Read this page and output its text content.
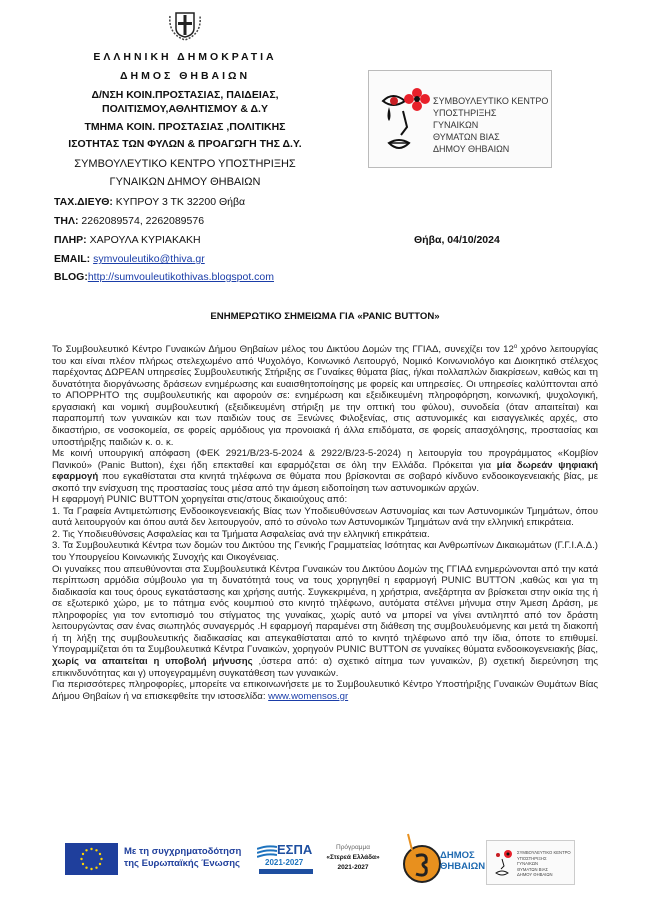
ΕΛΛΗΝΙΚΗ ΔΗΜΟΚΡΑΤΙΑ
ΔΗΜΟΣ ΘΗΒΑΙΩΝ
Δ/ΝΣΗ ΚΟΙΝ.ΠΡΟΣΤΑΣΙΑΣ, ΠΑΙΔΕΙΑΣ,
ΠΟΛΙΤΙΣΜΟΥ,ΑΘΛΗΤΙΣΜΟΥ & Δ.Υ
ΤΜΗΜΑ ΚΟΙΝ. ΠΡΟΣΤΑΣΙΑΣ ,ΠΟΛΙΤΙΚΗΣ
ΙΣΟΤΗΤΑΣ ΤΩΝ ΦΥΛΩΝ & ΠΡΟΑΓΩΓΗ ΤΗΣ Δ.Υ.
ΣΥΜΒΟΥΛΕΥΤΙΚΟ ΚΕΝΤΡΟ ΥΠΟΣΤΗΡΙΞΗΣ
ΓΥΝΑΙΚΩΝ ΔΗΜΟΥ ΘΗΒΑΙΩΝ
ΤΑΧ.ΔΙΕΥΘ: ΚΥΠΡΟΥ 3 ΤΚ 32200 Θήβα
ΤΗΛ: 2262089574, 2262089576
ΠΛΗΡ: ΧΑΡΟΥΛΑ ΚΥΡΙΑΚΑΚΗ	Θήβα, 04/10/2024
EMAIL: symvouleutiko@thiva.gr
BLOG:http://sumvouleutikothivas.blogspot.com
ΣΥΜΒΟΥΛΕΥΤΙΚΟ ΚΕΝΤΡΟ
ΥΠΟΣΤΗΡΙΞΗΣ
ΓΥΝΑΙΚΩΝ
ΘΥΜΑΤΩΝ ΒΙΑΣ
ΔΗΜΟΥ ΘΗΒΑΙΩΝ
ΕΝΗΜΕΡΩΤΙΚΟ ΣΗΜΕΙΩΜΑ ΓΙΑ «PANIC BUTTON»

Το Συμβουλευτικό Κέντρο Γυναικών Δήμου Θηβαίων μέλος του Δικτύου Δομών της ΓΓΙΑΔ, συνεχίζει τον $12^o$ χρόνο λειτουργίας του και είναι πλέον πλήρως στελεχωμένο από Ψυχολόγο, Κοινωνικό Λειτουργό, Νομικό Κοινωνιολόγο και Διοικητικό στέλεχος παρέχοντας ΔΩΡΕΑΝ υπηρεσίες Συμβουλευτικής Στήριξης σε Γυναίκες θύματα βίας, ή/και πολλαπλών διακρίσεων, καθώς και τη δυνατότητα διοργάνωσης δράσεων ενημέρωσης και ευαισθητοποίησης με φορείς και υπηρεσίες. Οι υπηρεσίες καλύπτονται από το ΑΠΟΡΡΗΤΟ της συμβουλευτικής και αφορούν σε: ενημέρωση και εξειδικευμένη πληροφόρηση, κοινωνική, ψυχολογική, εργασιακή και νομική συμβουλευτική (εξειδικευμένη στήριξη με την οπτική του φύλου), συνοδεία (όταν απαιτείται) και παραπομπή των γυναικών και των παιδιών τους σε Ξενώνες Φιλοξενίας, στις αστυνομικές και εισαγγελικές αρχές, στο δικαστήριο, σε νοσοκομεία, σε φορείς αρμόδιους για προνοιακά ή άλλα επιδόματα, σε φορείς απασχόλησης, προστασίας και υποστήριξης παιδιών κ. ο. κ.

Με κοινή υπουργική απόφαση (ΦΕΚ 2921/Β/23-5-2024 & 2922/Β/23-5-2024) η λειτουργία του προγράμματος «Κομβίον Πανικού» (Panic Button), έχει ήδη επεκταθεί και εφαρμόζεται σε όλη την Ελλάδα. Πρόκειται για μία δωρεάν ψηφιακή εφαρμογή που εγκαθίσταται στα κινητά τηλέφωνα σε θύματα που βρίσκονται σε σοβαρό κίνδυνο ενδοοικογενειακής βίας, με σκοπό την ενίσχυση της προστασίας τους μέσα από την άμεση ειδοποίηση των αστυνομικών αρχών.

Η εφαρμογή PUNIC BUTTON χορηγείται στις/στους δικαιούχους από:

1. Τα Γραφεία Αντιμετώπισης Ενδοοικογενειακής Βίας των Υποδιευθύνσεων Αστυνομίας και των Αστυνομικών Τμημάτων, όπου αυτά λειτουργούν και όπου αυτά δεν λειτουργούν, από το σύνολο των Αστυνομικών Τμημάτων ανά την ελληνική επικράτεια.

2. Τις Υποδιευθύνσεις Ασφαλείας και τα Τμήματα Ασφαλείας ανά την ελληνική επικράτεια.

3. Τα Συμβουλευτικά Κέντρα των δομών του Δικτύου της Γενικής Γραμματείας Ισότητας και Ανθρωπίνων Δικαιωμάτων (Γ.Γ.Ι.Α.Δ.) του Υπουργείου Κοινωνικής Συνοχής και Οικογένειας.

Οι γυναίκες που απευθύνονται στα Συμβουλευτικά Κέντρα Γυναικών του Δικτύου Δομών της ΓΓΙΑΔ ενημερώνονται από την κατά περίπτωση αρμόδια σύμβουλο για τη δυνατότητά τους να τους χορηγηθεί η εφαρμογή PUNIC BUTTON ,καθώς και για τη διαδικασία και τους όρους εγκατάστασης και χρήσης αυτής. Συγκεκριμένα, η χρήστρια, ανεξάρτητα αν βρίσκεται στην οικία της ή σε εξωτερικό χώρο, με το πάτημα ενός κουμπιού στο κινητό τηλέφωνο, αυτόματα στέλνει μήνυμα στην Άμεση Δράση, με πληροφορίες για τον εντοπισμό του στίγματος της γυναίκας, χωρίς αυτό να μπορεί να γίνει αντιληπτό από τον δράστη λειτουργώντας σαν ένας σιωπηλός συναγερμός .Η εφαρμογή παραμένει στη διάθεση της συμβουλευόμενης και μετά τη διακοπή ή τη λήξη της συμβουλευτικής διαδικασίας και απεγκαθίσταται από το κινητό τηλέφωνο από την ίδια, όποτε το επιθυμεί. Υπογραμμίζεται ότι τα Συμβουλευτικά Κέντρα Γυναικών, χορηγούν PUNIC BUTTON σε γυναίκες θύματα ενδοοικογενειακής βίας, χωρίς να απαιτείται η υποβολή μήνυσης ,ύστερα από: α) σχετικό αίτημα των γυναικών, β) σχετική διερεύνηση της επικινδυνότητας και γ) υπογεγραμμένη συγκατάθεση των γυναικών.

Για περισσότερες πληροφορίες, μπορείτε να επικοινωνήσετε με το Συμβουλευτικό Κέντρο Υποστήριξης Γυναικών Θυμάτων Βίας Δήμου Θηβαίων ή να επισκεφθείτε την ιστοσελίδα: www.womensos.gr

Με τη συγχρηματοδότηση
της Ευρωπαϊκής Ένωσης
ΕΣΠΑ
2021-2027
Πρόγραμμα
«Στερεά Ελλάδα»
2021-2027
ΔΗΜΟΣ
ΘΗΒΑΙΩΝ
ΣΥΜΒΟΥΛΕΥΤΙΚΟ ΚΕΝΤΡΟ
ΥΠΟΣΤΗΡΙΞΗΣ
ΓΥΝΑΙΚΩΝ
ΘΥΜΑΤΩΝ ΒΙΑΣ
ΔΗΜΟΥ ΘΗΒΑΙΩΝ
